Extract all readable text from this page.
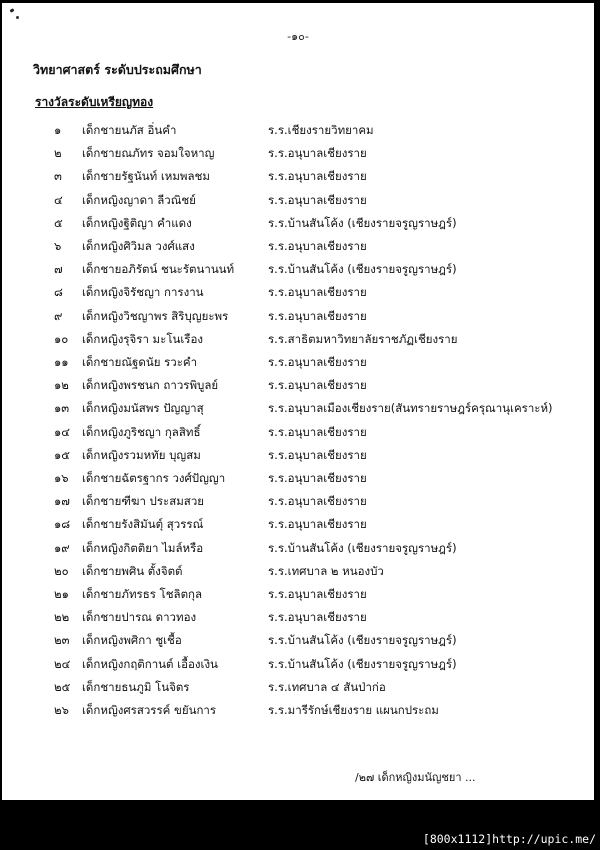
-๑๐-
วิทยาศาสตร์ ระดับประถมศึกษา
รางวัลระดับเหรียญทอง
๑ เด็กชายนภัส อิ่นคำ	ร.ร.เชียงรายวิทยาคม
๒ เด็กชายณภัทร จอมใจหาญ	ร.ร.อนุบาลเชียงราย
๓ เด็กชายรัฐนันท์ เหมพลชม	ร.ร.อนุบาลเชียงราย
๔ เด็กหญิงญาดา ลีวณิชย์	ร.ร.อนุบาลเชียงราย
๕ เด็กหญิงฐิติญา คำแดง	ร.ร.บ้านสันโค้ง (เชียงรายจรูญราษฎร์)
๖ เด็กหญิงศิวิมล วงศ์แสง	ร.ร.อนุบาลเชียงราย
๗ เด็กชายอภิรัตน์ ชนะรัตนานนท์	ร.ร.บ้านสันโค้ง (เชียงรายจรูญราษฎร์)
๘ เด็กหญิงจิรัชญา การงาน	ร.ร.อนุบาลเชียงราย
๙ เด็กหญิงวิชญาพร สิริบุญยะพร	ร.ร.อนุบาลเชียงราย
๑๐ เด็กหญิงรุจิรา มะโนเรือง	ร.ร.สาธิตมหาวิทยาลัยราชภัฏเชียงราย
๑๑ เด็กชายณัฐดนัย รวะคำ	ร.ร.อนุบาลเชียงราย
๑๒ เด็กหญิงพรชนก ถาวรพิบูลย์	ร.ร.อนุบาลเชียงราย
๑๓ เด็กหญิงมนัสพร ปัญญาสุ	ร.ร.อนุบาลเมืองเชียงราย(สันทรายราษฎร์ครุณานุเคราะห์)
๑๔ เด็กหญิงภูริชญา กุลสิทธิ์	ร.ร.อนุบาลเชียงราย
๑๕ เด็กหญิงรวมหทัย บุญสม	ร.ร.อนุบาลเชียงราย
๑๖ เด็กชายฉัตรฐากร วงศ์ปัญญา	ร.ร.อนุบาลเชียงราย
๑๗ เด็กชายฑีฆา ประสมสวย	ร.ร.อนุบาลเชียงราย
๑๘ เด็กชายรังสิมันตุ์ สุวรรณ์	ร.ร.อนุบาลเชียงราย
๑๙ เด็กหญิงกิตติยา ไมล์หรือ	ร.ร.บ้านสันโค้ง (เชียงรายจรูญราษฎร์)
๒๐ เด็กชายพศิน ตั้งจิตต์	ร.ร.เทศบาล ๒ หนองบัว
๒๑ เด็กชายภัทรธร โชลิตกุล	ร.ร.อนุบาลเชียงราย
๒๒ เด็กชายปารณ ดาวทอง	ร.ร.อนุบาลเชียงราย
๒๓ เด็กหญิงพศิกา ชูเชื้อ	ร.ร.บ้านสันโค้ง (เชียงรายจรูญราษฎร์)
๒๔ เด็กหญิงกฤติกานต์ เอื้องเงิน	ร.ร.บ้านสันโค้ง (เชียงรายจรูญราษฎร์)
๒๕ เด็กชายธนภูมิ โนจิตร	ร.ร.เทศบาล ๔ สันป่าก่อ
๒๖ เด็กหญิงศรสวรรค์ ขยันการ	ร.ร.มารีรักษ์เชียงราย แผนกประถม
/๒๗ เด็กหญิงมนัญชยา ...
[800x1112]http://upic.me/
